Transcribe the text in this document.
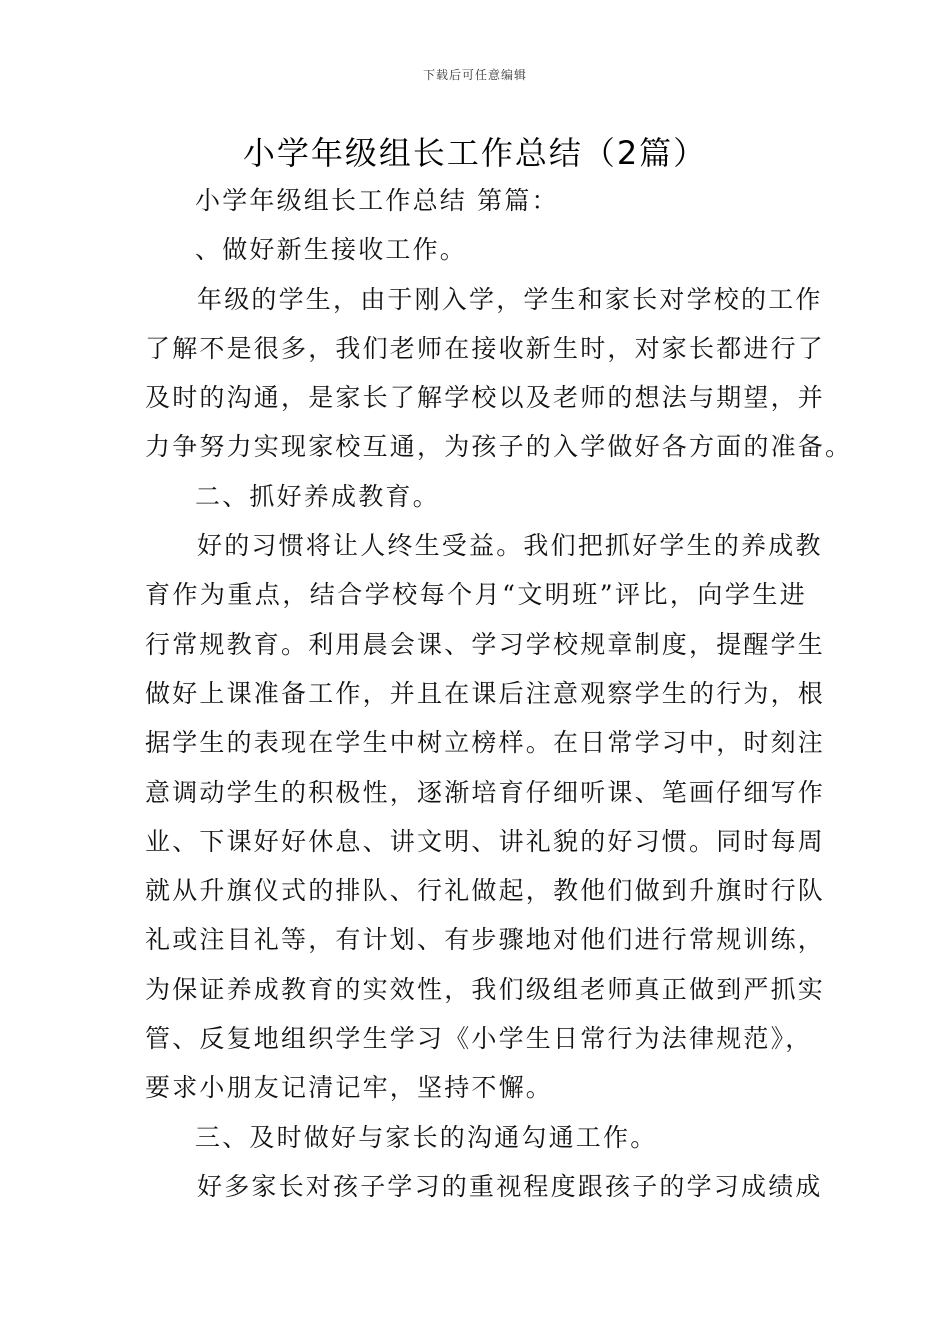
下载后可任意编辑
小学年级组长工作总结（2篇）
小学年级组长工作总结 第篇：
、做好新生接收工作。
年级的学生，由于刚入学，学生和家长对学校的工作
了解不是很多，我们老师在接收新生时，对家长都进行了
及时的沟通，是家长了解学校以及老师的想法与期望，并
力争努力实现家校互通，为孩子的入学做好各方面的准备。
二、抓好养成教育。
好的习惯将让人终生受益。我们把抓好学生的养成教
育作为重点，结合学校每个月“文明班”评比，向学生进
行常规教育。利用晨会课、学习学校规章制度，提醒学生
做好上课准备工作，并且在课后注意观察学生的行为，根
据学生的表现在学生中树立榜样。在日常学习中，时刻注
意调动学生的积极性，逐渐培育仔细听课、笔画仔细写作
业、下课好好休息、讲文明、讲礼貌的好习惯。同时每周
就从升旗仪式的排队、行礼做起，教他们做到升旗时行队
礼或注目礼等，有计划、有步骤地对他们进行常规训练，
为保证养成教育的实效性，我们级组老师真正做到严抓实
管、反复地组织学生学习《小学生日常行为法律规范》，
要求小朋友记清记牢，坚持不懈。
三、及时做好与家长的沟通勾通工作。
好多家长对孩子学习的重视程度跟孩子的学习成绩成
